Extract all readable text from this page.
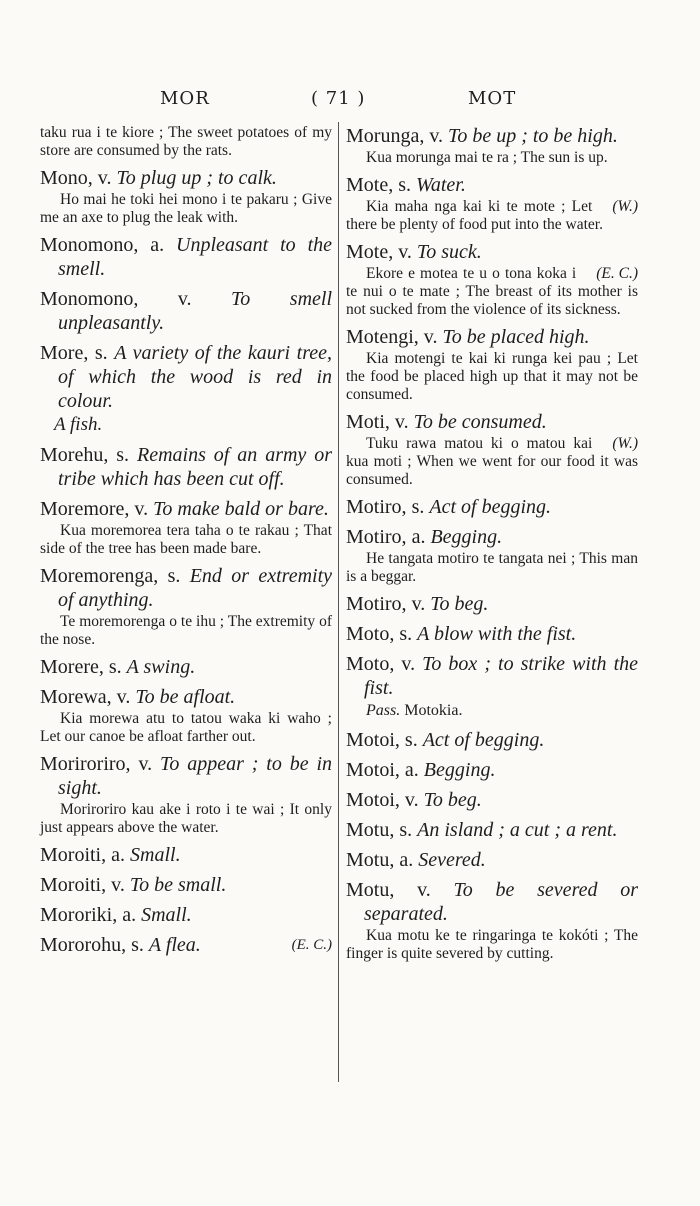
MOR	( 71 )	MOT
taku rua i te kiore ; The sweet potatoes of my store are consumed by the rats.
Mono, v. To plug up ; to calk.
Ho mai he toki hei mono i te pakaru ; Give me an axe to plug the leak with.
Monomono, a. Unpleasant to the smell.
Monomono, v. To smell unpleasantly.
More, s. A variety of the kauri tree, of which the wood is red in colour.
A fish.
Morehu, s. Remains of an army or tribe which has been cut off.
Moremore, v. To make bald or bare.
Kua moremorea tera taha o te rakau ; That side of the tree has been made bare.
Moremorenga, s. End or extremity of anything.
Te moremorenga o te ihu ; The extremity of the nose.
Morere, s. A swing.
Morewa, v. To be afloat.
Kia morewa atu to tatou waka ki waho ; Let our canoe be afloat farther out.
Moriroriro, v. To appear ; to be in sight.
Moriroriro kau ake i roto i te wai ; It only just appears above the water.
Moroiti, a. Small.
Moroiti, v. To be small.
Mororiki, a. Small.
(E. C.)
Mororohu, s. A flea.
Morunga, v. To be up ; to be high.
Kua morunga mai te ra ; The sun is up.
Mote, s. Water.
(W.)
Kia maha nga kai ki te mote ; Let there be plenty of food put into the water.
Mote, v. To suck.
(E. C.)
Ekore e motea te u o tona koka i te nui o te mate ; The breast of its mother is not sucked from the violence of its sickness.
Motengi, v. To be placed high.
Kia motengi te kai ki runga kei pau ; Let the food be placed high up that it may not be consumed.
Moti, v. To be consumed.
(W.)
Tuku rawa matou ki o matou kai kua moti ; When we went for our food it was consumed.
Motiro, s. Act of begging.
Motiro, a. Begging.
He tangata motiro te tangata nei ; This man is a beggar.
Motiro, v. To beg.
Moto, s. A blow with the fist.
Moto, v. To box ; to strike with the fist.
Pass. Motokia.
Motoi, s. Act of begging.
Motoi, a. Begging.
Motoi, v. To beg.
Motu, s. An island ; a cut ; a rent.
Motu, a. Severed.
Motu, v. To be severed or separated.
Kua motu ke te ringaringa te kokóti ; The finger is quite severed by cutting.
